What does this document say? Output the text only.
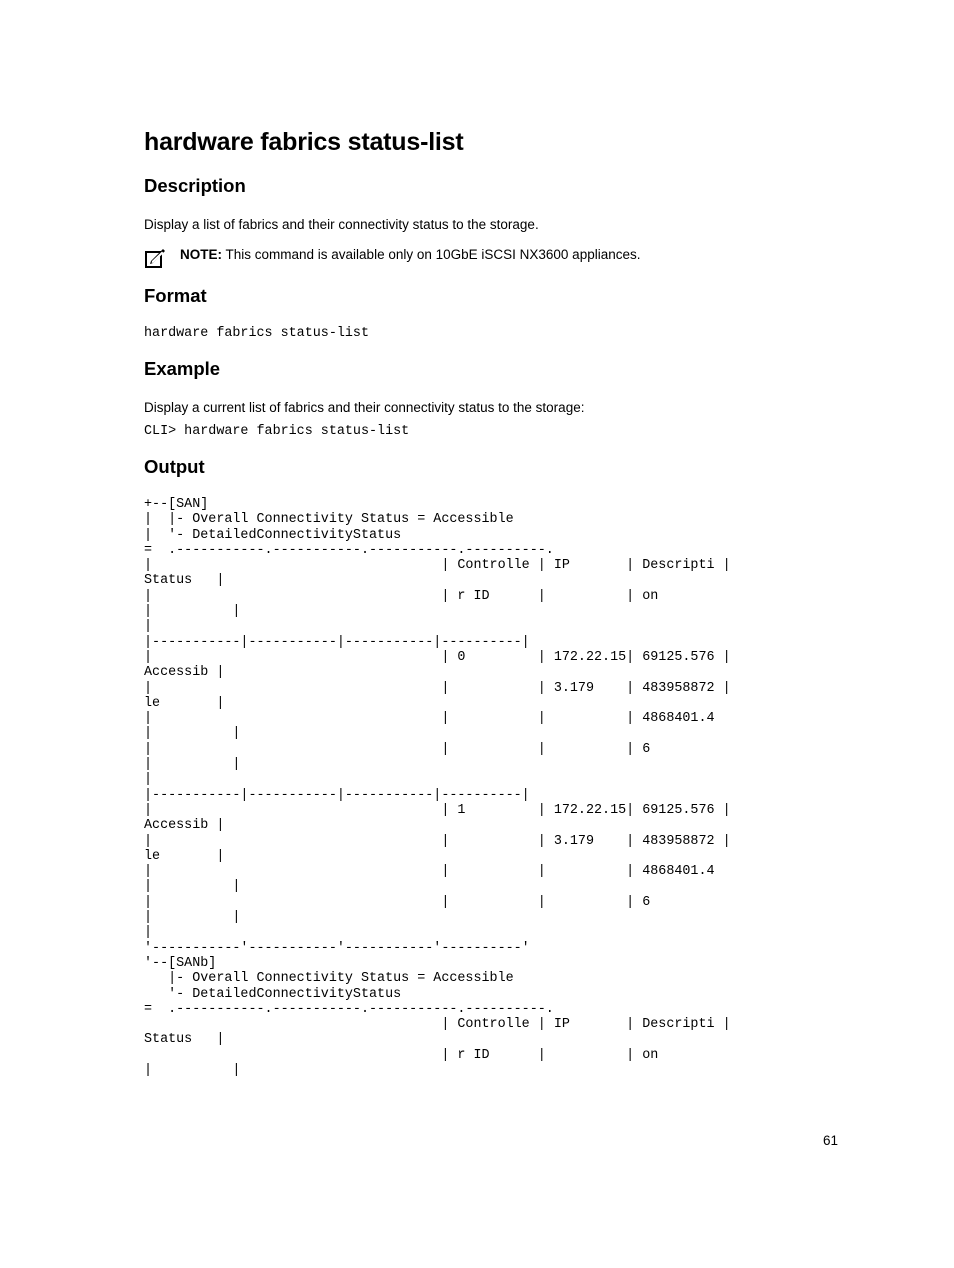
hardware fabrics status-list
Description

Display a list of fabrics and their connectivity status to the storage.

NOTE: This command is available only on 10GbE iSCSI NX3600 appliances.
Format

hardware fabrics status-list

Example

Display a current list of fabrics and their connectivity status to the storage:

CLI> hardware fabrics status-list

Output
+--[SAN]
|  |- Overall Connectivity Status = Accessible
|  '- DetailedConnectivityStatus
=  .-----------.-----------.-----------.----------.
|                                    | Controlle | IP       | Descripti |
Status   |
|                                    | r ID      |          | on
|          |
|
|-----------|-----------|-----------|----------|
|                                    | 0         | 172.22.15| 69125.576 |
Accessib |
|                                    |           | 3.179    | 483958872 |
le       |
|                                    |           |          | 4868401.4
|          |
|                                    |           |          | 6
|          |
|
|-----------|-----------|-----------|----------|
|                                    | 1         | 172.22.15| 69125.576 |
Accessib |
|                                    |           | 3.179    | 483958872 |
le       |
|                                    |           |          | 4868401.4
|          |
|                                    |           |          | 6
|          |
|
'-----------'-----------'-----------'----------'
'--[SANb]
|- Overall Connectivity Status = Accessible
'- DetailedConnectivityStatus
=  .-----------.-----------.-----------.----------.
| Controlle | IP       | Descripti |
Status   |
| r ID      |          | on
|          |
61
